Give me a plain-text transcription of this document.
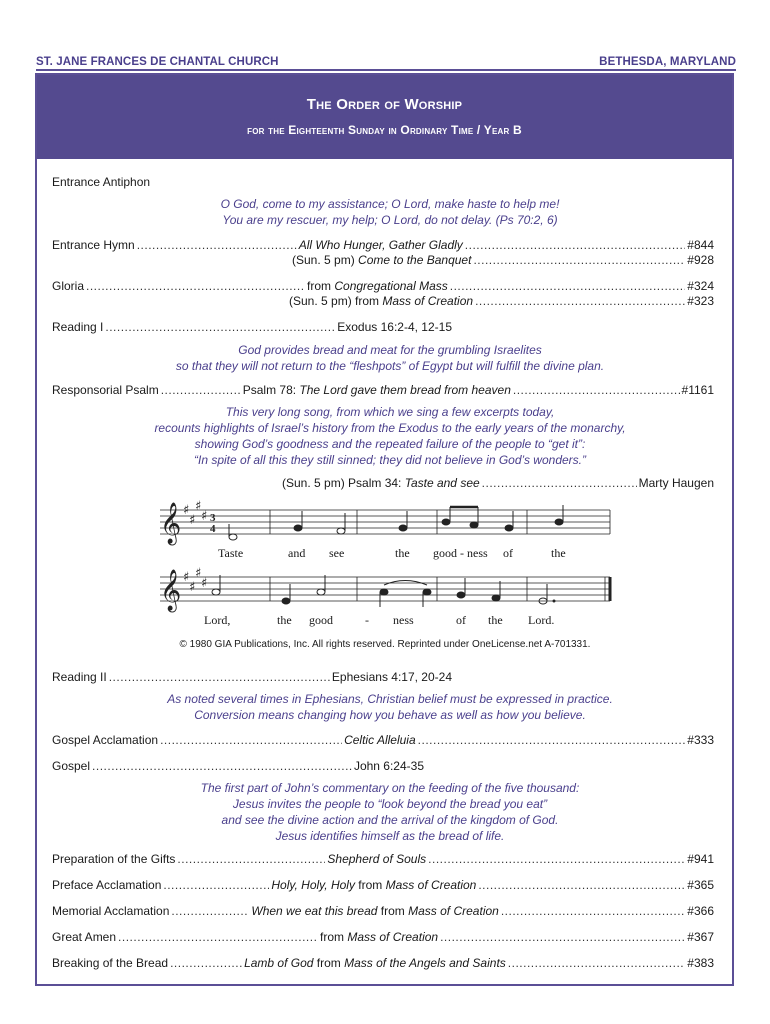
ST. JANE FRANCES DE CHANTAL CHURCH	BETHESDA, MARYLAND
The Order of Worship
for the Eighteenth Sunday in Ordinary Time / Year B
Entrance Antiphon
O God, come to my assistance; O Lord, make haste to help me!
You are my rescuer, my help; O Lord, do not delay. (Ps 70:2, 6)
Entrance Hymn .....	All Who Hunger, Gather Gladly .....	#844
(Sun. 5 pm) Come to the Banquet .....	#928
Gloria .....	from Congregational Mass .....	#324
(Sun. 5 pm) from Mass of Creation .....	#323
Reading I .....	Exodus 16:2-4, 12-15
God provides bread and meat for the grumbling Israelites
so that they will not return to the “fleshpots” of Egypt but will fulfill the divine plan.
Responsorial Psalm .....	Psalm 78: The Lord gave them bread from heaven .....	#1161
This very long song, from which we sing a few excerpts today,
recounts highlights of Israel’s history from the Exodus to the early years of the monarchy,
showing God’s goodness and the repeated failure of the people to “get it”:
“In spite of all this they still sinned; they did not believe in God’s wonders.”
(Sun. 5 pm) Psalm 34: Taste and see .....	Marty Haugen
𝄞 ♯
♯
♯
♯ 3
4
𝄞 ♯
♯
♯
♯
Taste	and see	the good - ness of	the
Lord,	the good	- ness	of the Lord.
© 1980 GIA Publications, Inc. All rights reserved. Reprinted under OneLicense.net A-701331.
Reading II .....	Ephesians 4:17, 20-24
As noted several times in Ephesians, Christian belief must be expressed in practice.
Conversion means changing how you behave as well as how you believe.
Gospel Acclamation .....	Celtic Alleluia .....	#333
Gospel .....	John 6:24-35
The first part of John’s commentary on the feeding of the five thousand:
Jesus invites the people to “look beyond the bread you eat”
and see the divine action and the arrival of the kingdom of God.
Jesus identifies himself as the bread of life.
Preparation of the Gifts .....	Shepherd of Souls .....	#941
Preface Acclamation .....	Holy, Holy, Holy from Mass of Creation .....	#365
Memorial Acclamation .....	When we eat this bread from Mass of Creation .....	#366
Great Amen .....	from Mass of Creation .....	#367
Breaking of the Bread .....	Lamb of God from Mass of the Angels and Saints .....	#383
